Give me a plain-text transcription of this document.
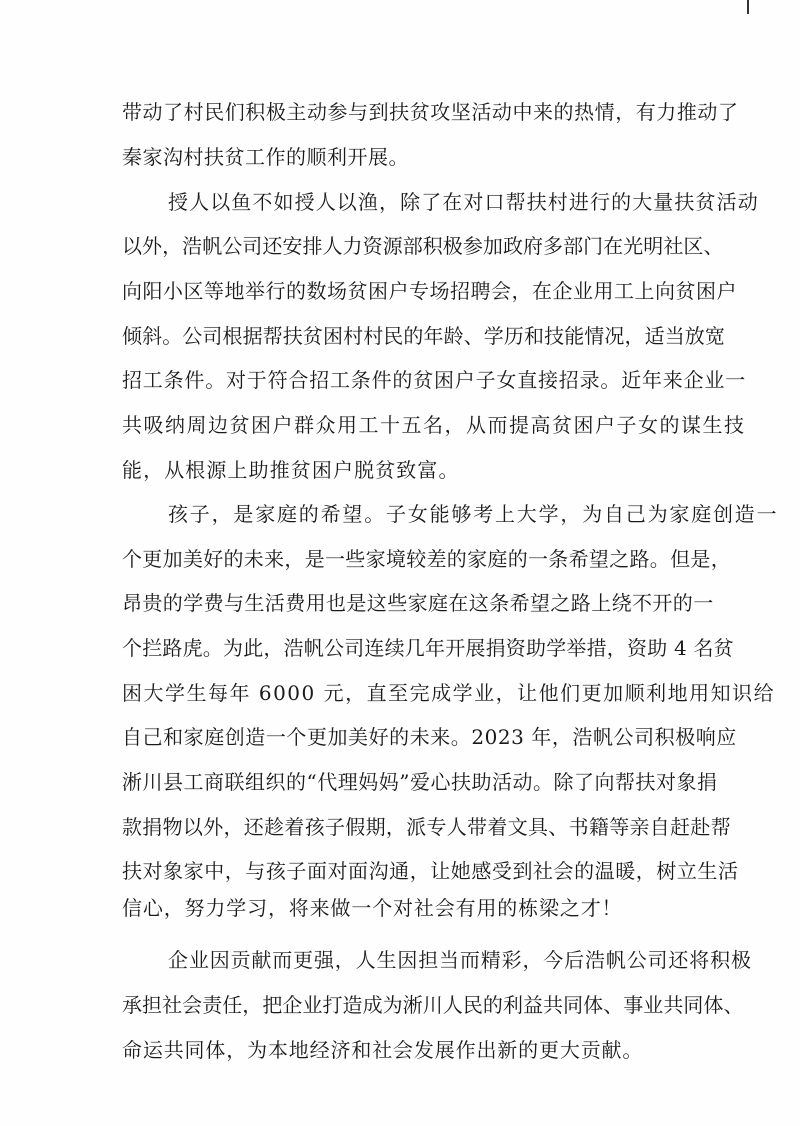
带动了村民们积极主动参与到扶贫攻坚活动中来的热情，有力推动了
秦家沟村扶贫工作的顺利开展。
授人以鱼不如授人以渔，除了在对口帮扶村进行的大量扶贫活动
以外，浩帆公司还安排人力资源部积极参加政府多部门在光明社区、
向阳小区等地举行的数场贫困户专场招聘会，在企业用工上向贫困户
倾斜。公司根据帮扶贫困村村民的年龄、学历和技能情况，适当放宽
招工条件。对于符合招工条件的贫困户子女直接招录。近年来企业一
共吸纳周边贫困户群众用工十五名，从而提高贫困户子女的谋生技
能，从根源上助推贫困户脱贫致富。
孩子，是家庭的希望。子女能够考上大学，为自己为家庭创造一
个更加美好的未来，是一些家境较差的家庭的一条希望之路。但是，
昂贵的学费与生活费用也是这些家庭在这条希望之路上绕不开的一
个拦路虎。为此，浩帆公司连续几年开展捐资助学举措，资助 4 名贫
困大学生每年 6000 元，直至完成学业，让他们更加顺利地用知识给
自己和家庭创造一个更加美好的未来。2023 年，浩帆公司积极响应
淅川县工商联组织的“代理妈妈”爱心扶助活动。除了向帮扶对象捐
款捐物以外，还趁着孩子假期，派专人带着文具、书籍等亲自赶赴帮
扶对象家中，与孩子面对面沟通，让她感受到社会的温暖，树立生活
信心，努力学习，将来做一个对社会有用的栋梁之才！
企业因贡献而更强，人生因担当而精彩，今后浩帆公司还将积极
承担社会责任，把企业打造成为淅川人民的利益共同体、事业共同体、
命运共同体，为本地经济和社会发展作出新的更大贡献。
